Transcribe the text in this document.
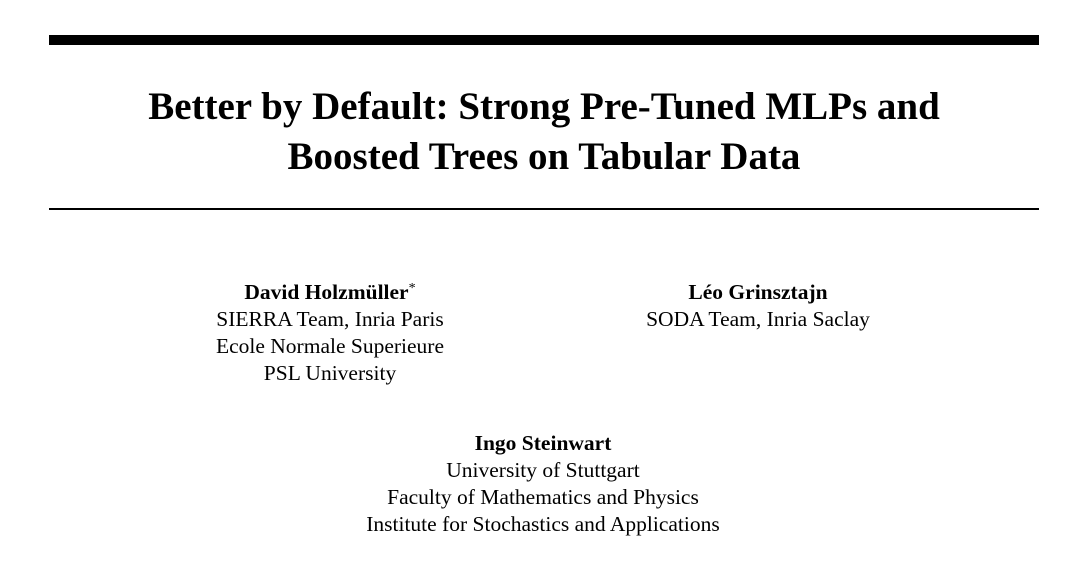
Better by Default: Strong Pre-Tuned MLPs and
Boosted Trees on Tabular Data
David Holzmüller*
SIERRA Team, Inria Paris
Ecole Normale Superieure
PSL University
Léo Grinsztajn
SODA Team, Inria Saclay
Ingo Steinwart
University of Stuttgart
Faculty of Mathematics and Physics
Institute for Stochastics and Applications
